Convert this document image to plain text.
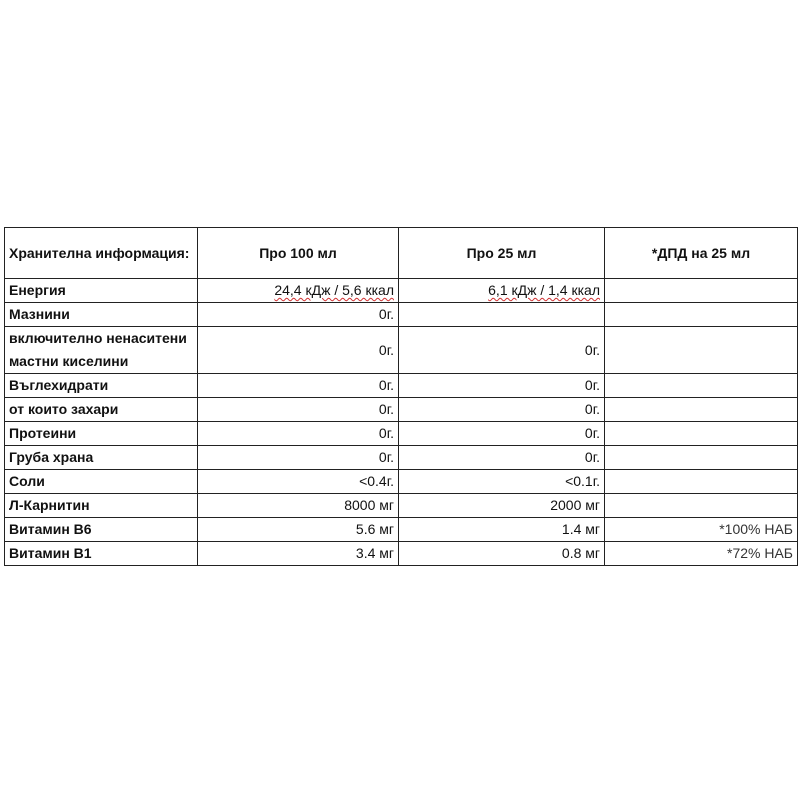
Хранителна информация:	Про 100 мл	Про 25 мл	*ДПД на 25 мл
Енергия	24,4 кДж / 5,6 ккал	6,1 кДж / 1,4 ккал	
Мазнини	0г.		
включително ненаситени мастни киселини	0г.	0г.	
Въглехидрати	0г.	0г.	
от които захари	0г.	0г.	
Протеини	0г.	0г.	
Груба храна	0г.	0г.	
Соли	<0.4г.	<0.1г.	
Л-Карнитин	8000 мг	2000 мг	
Витамин В6	5.6 мг	1.4 мг	*100% НАБ
Витамин В1	3.4 мг	0.8 мг	*72% НАБ
